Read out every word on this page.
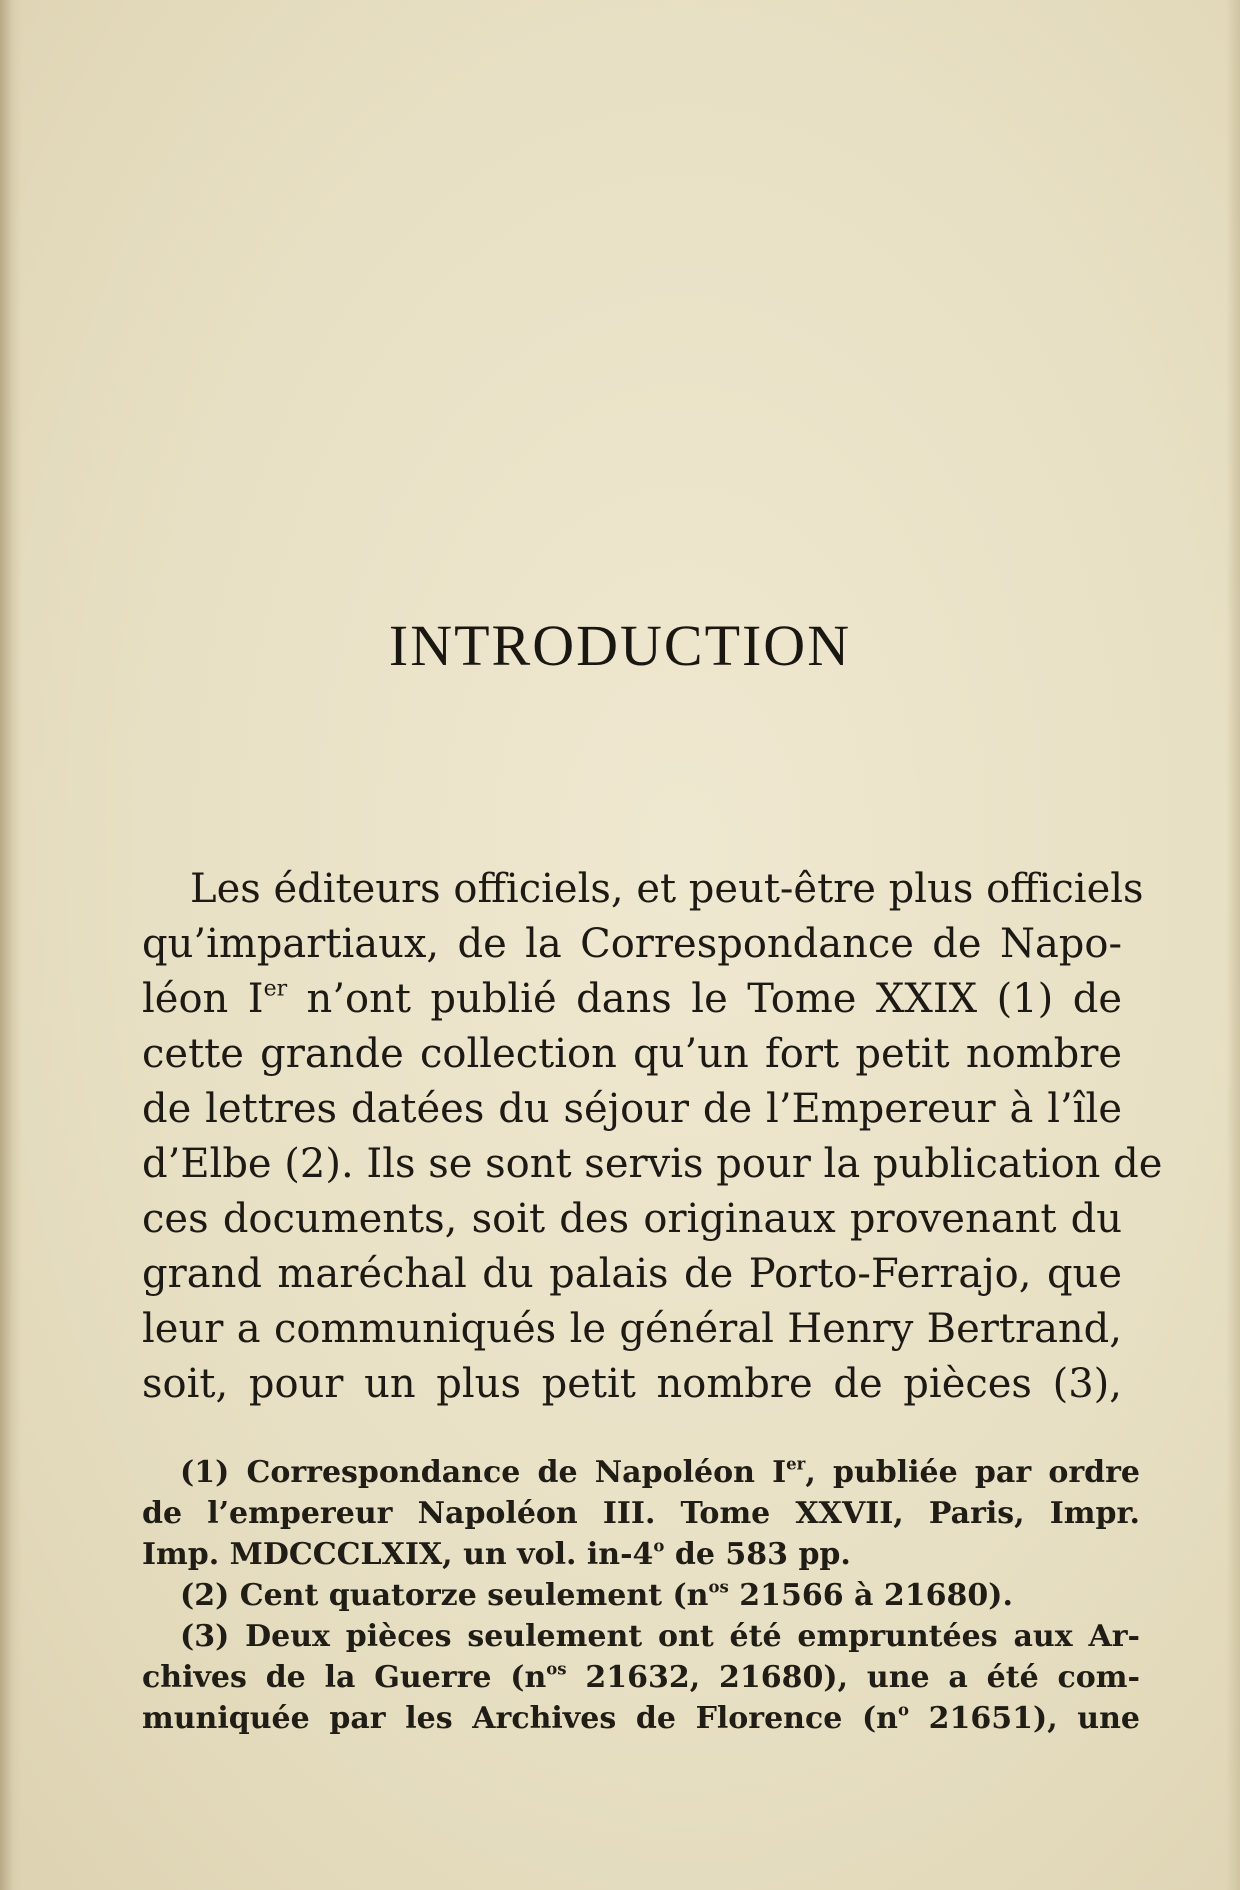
INTRODUCTION
Les éditeurs officiels, et peut-être plus officiels
qu’impartiaux, de la Correspondance de Napo-
léon Ier n’ont publié dans le Tome XXIX (1) de
cette grande collection qu’un fort petit nombre
de lettres datées du séjour de l’Empereur à l’île
d’Elbe (2). Ils se sont servis pour la publication de
ces documents, soit des originaux provenant du
grand maréchal du palais de Porto-Ferrajo, que
leur a communiqués le général Henry Bertrand,
soit, pour un plus petit nombre de pièces (3),
(1) Correspondance de Napoléon Ier, publiée par ordre
de l’empereur Napoléon III. Tome XXVII, Paris, Impr.
Imp. MDCCCLXIX, un vol. in-4$^o$ de 583 pp.
(2) Cent quatorze seulement ($n^{os}$ 21566 à 21680).
(3) Deux pièces seulement ont été empruntées aux Ar-
chives de la Guerre ($n^{os}$ 21632, 21680), une a été com-
muniquée par les Archives de Florence ($n^o$ 21651), une
